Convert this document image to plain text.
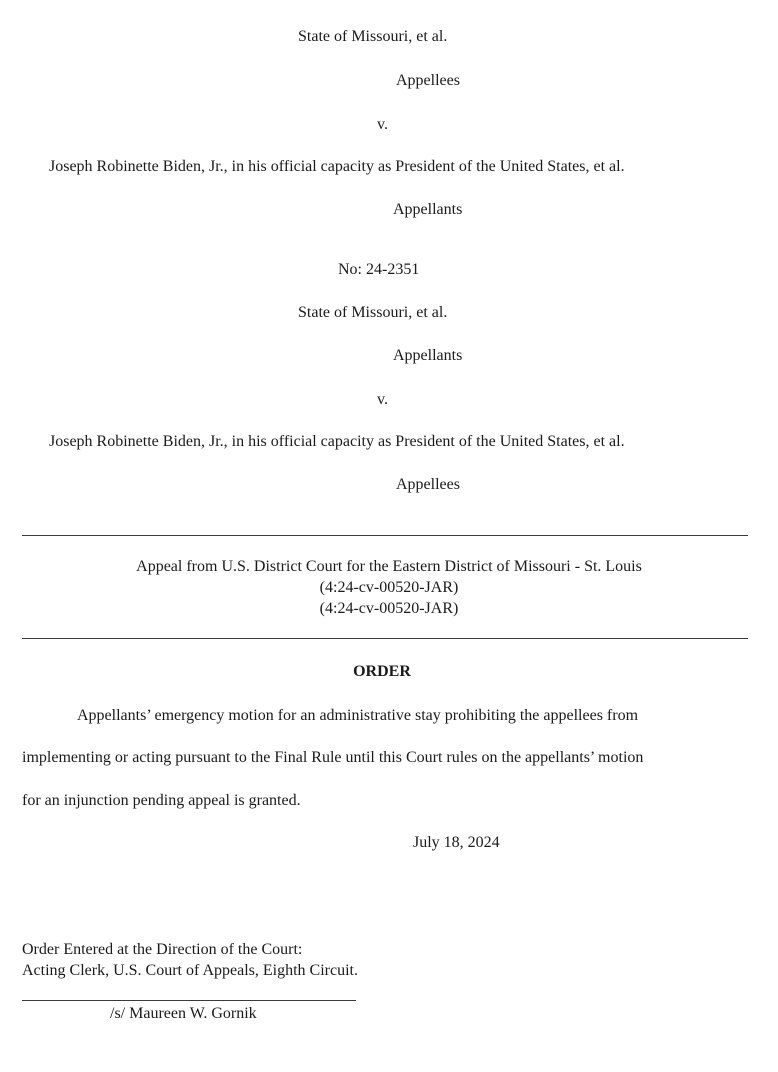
State of Missouri, et al.
Appellees
v.
Joseph Robinette Biden, Jr., in his official capacity as President of the United States, et al.
Appellants
No: 24-2351
State of Missouri, et al.
Appellants
v.
Joseph Robinette Biden, Jr., in his official capacity as President of the United States, et al.
Appellees
Appeal from U.S. District Court for the Eastern District of Missouri - St. Louis
(4:24-cv-00520-JAR)
(4:24-cv-00520-JAR)
ORDER
Appellants’ emergency motion for an administrative stay prohibiting the appellees from
implementing or acting pursuant to the Final Rule until this Court rules on the appellants’ motion
for an injunction pending appeal is granted.
July 18, 2024
Order Entered at the Direction of the Court:
Acting Clerk, U.S. Court of Appeals, Eighth Circuit.
/s/ Maureen W. Gornik
